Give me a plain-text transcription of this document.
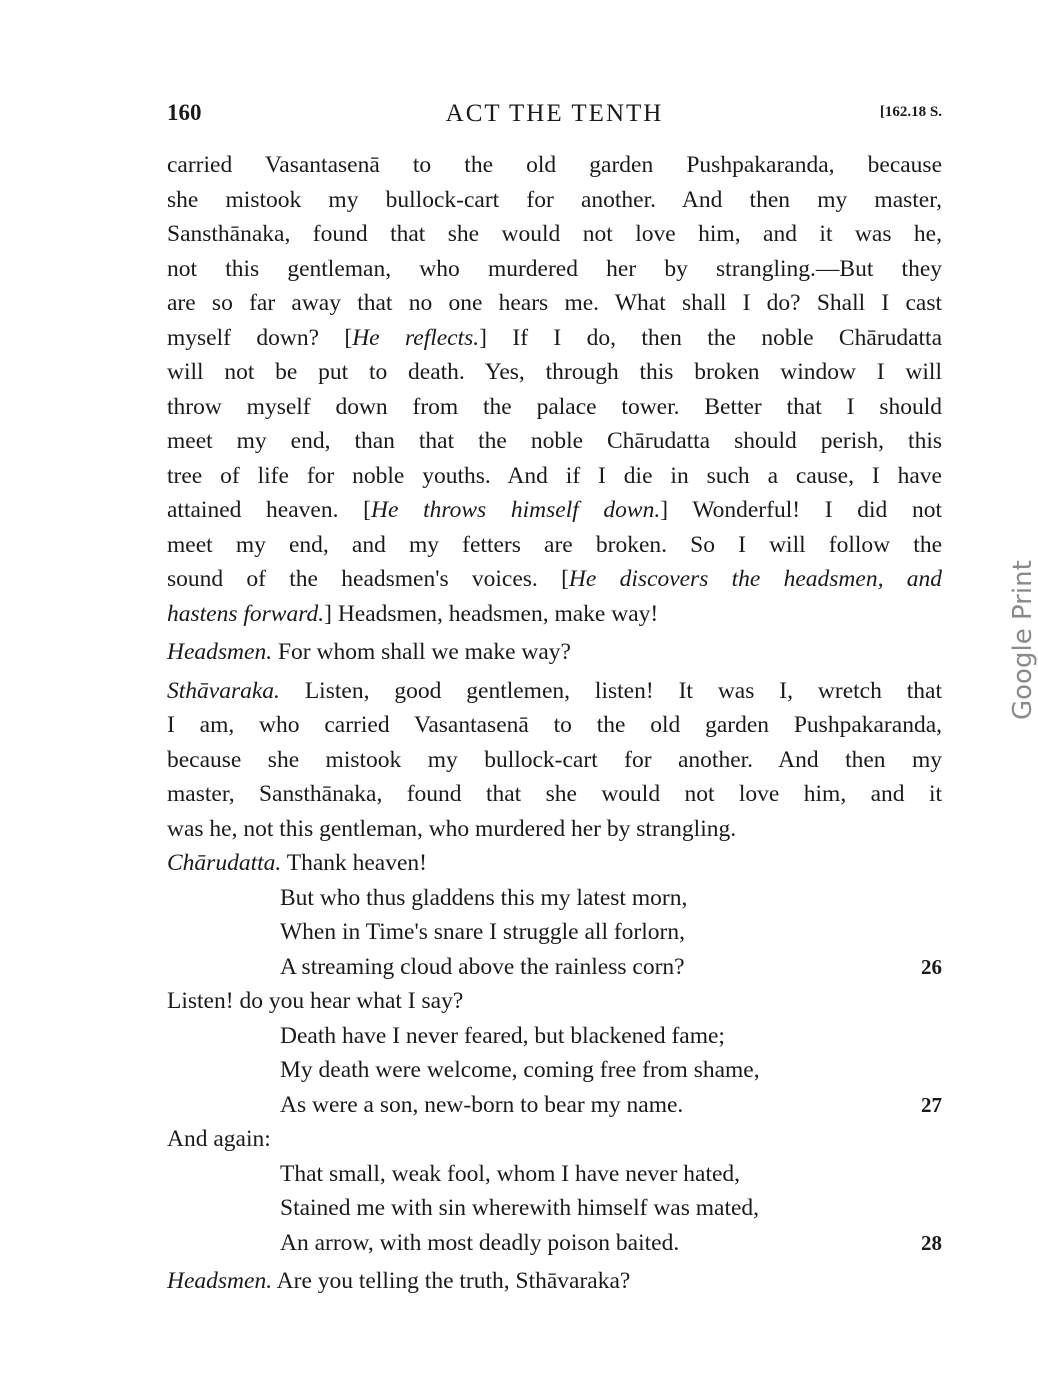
160	ACT THE TENTH	[162.18 S.
carried Vasantasenā to the old garden Pushpakaranda, because
she mistook my bullock-cart for another. And then my master,
Sansthānaka, found that she would not love him, and it was he,
not this gentleman, who murdered her by strangling.—But they
are so far away that no one hears me. What shall I do? Shall I cast
myself down? [He reflects.] If I do, then the noble Chārudatta
will not be put to death. Yes, through this broken window I will
throw myself down from the palace tower. Better that I should
meet my end, than that the noble Chārudatta should perish, this
tree of life for noble youths. And if I die in such a cause, I have
attained heaven. [He throws himself down.] Wonderful! I did not
meet my end, and my fetters are broken. So I will follow the
sound of the headsmen's voices. [He discovers the headsmen, and
hastens forward.] Headsmen, headsmen, make way!
Headsmen. For whom shall we make way?
Sthāvaraka. Listen, good gentlemen, listen! It was I, wretch that
I am, who carried Vasantasenā to the old garden Pushpakaranda,
because she mistook my bullock-cart for another. And then my
master, Sansthānaka, found that she would not love him, and it
was he, not this gentleman, who murdered her by strangling.
Chārudatta. Thank heaven!
But who thus gladdens this my latest morn,
When in Time's snare I struggle all forlorn,
A streaming cloud above the rainless corn?	26
Listen! do you hear what I say?
Death have I never feared, but blackened fame;
My death were welcome, coming free from shame,
As were a son, new-born to bear my name.	27
And again:
That small, weak fool, whom I have never hated,
Stained me with sin wherewith himself was mated,
An arrow, with most deadly poison baited.	28
Headsmen. Are you telling the truth, Sthāvaraka?
Google Print
